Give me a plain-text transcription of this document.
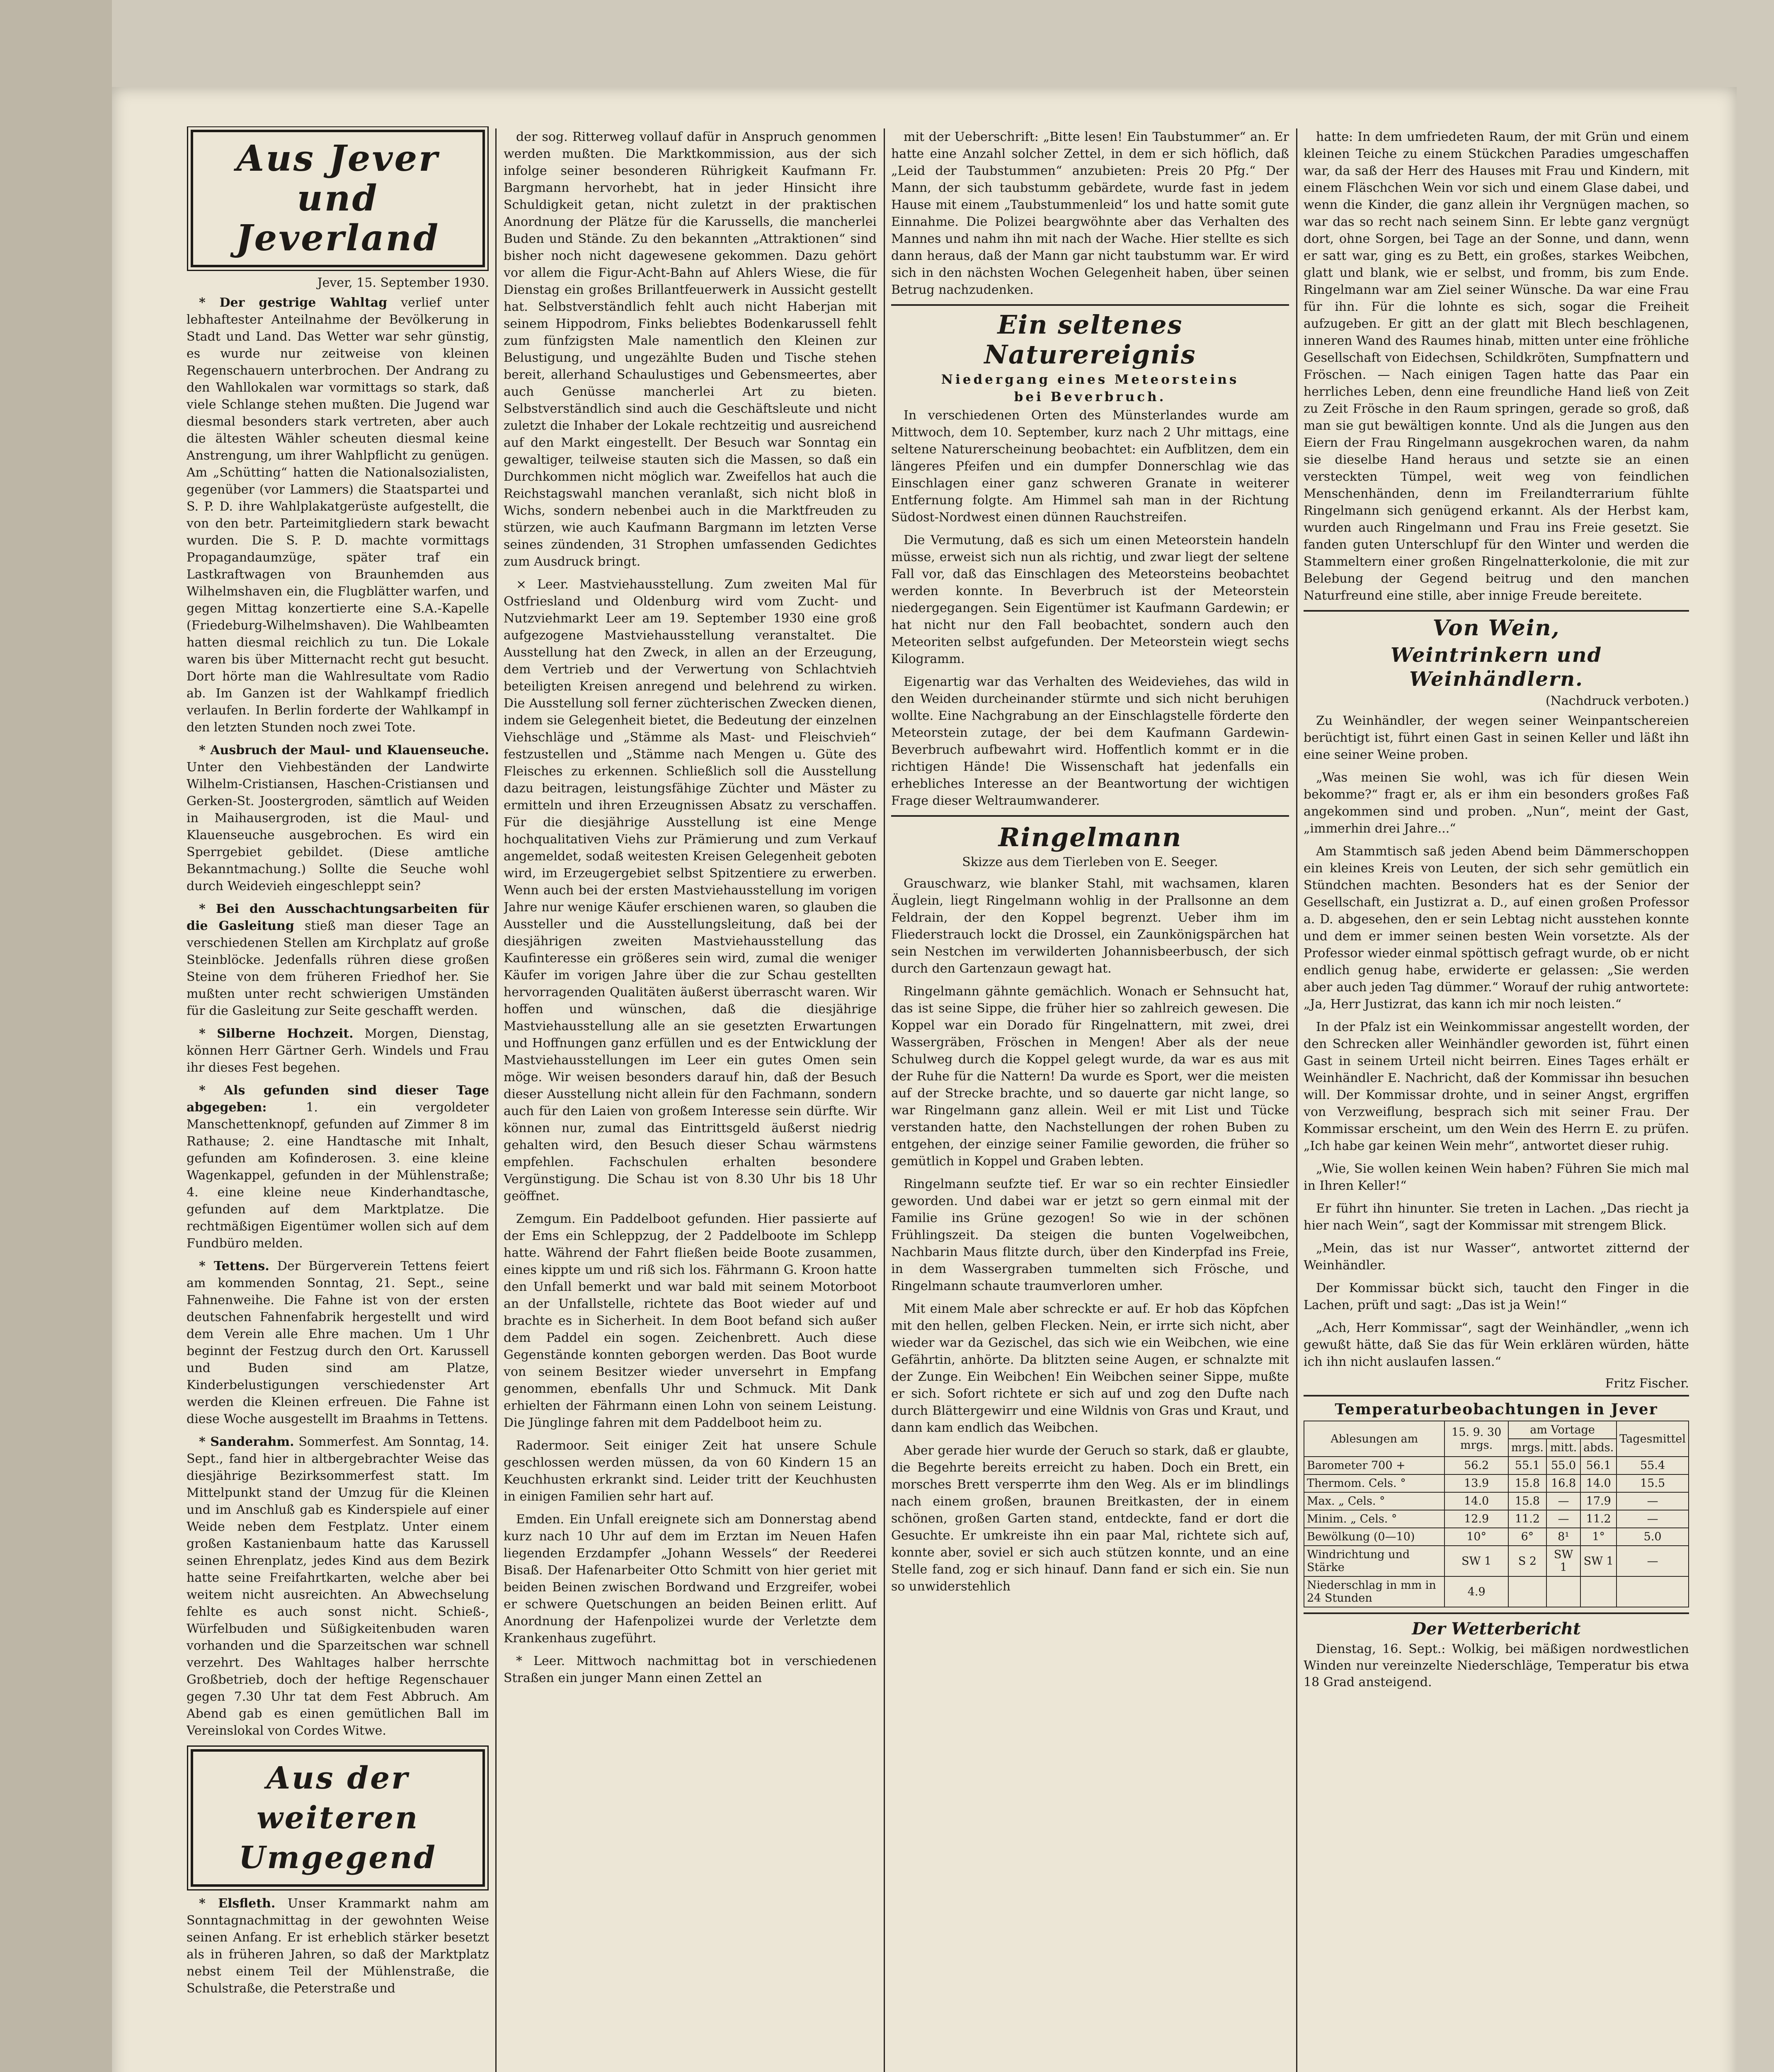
Aus Jever
und Jeverland
Jever, 15. September 1930.

* Der gestrige Wahltag verlief unter lebhaftester Anteilnahme der Bevölkerung in Stadt und Land. Das Wetter war sehr günstig, es wurde nur zeitweise von kleinen Regenschauern unterbrochen. Der Andrang zu den Wahllokalen war vormittags so stark, daß viele Schlange stehen mußten. Die Jugend war diesmal besonders stark vertreten, aber auch die ältesten Wähler scheuten diesmal keine Anstrengung, um ihrer Wahlpflicht zu genügen. Am „Schütting“ hatten die Nationalsozialisten, gegenüber (vor Lammers) die Staatspartei und S. P. D. ihre Wahlplakatgerüste aufgestellt, die von den betr. Parteimitgliedern stark bewacht wurden. Die S. P. D. machte vormittags Propagandaumzüge, später traf ein Lastkraftwagen von Braunhemden aus Wilhelmshaven ein, die Flugblätter warfen, und gegen Mittag konzertierte eine S.A.-Kapelle (Friedeburg-Wilhelmshaven). Die Wahlbeamten hatten diesmal reichlich zu tun. Die Lokale waren bis über Mitternacht recht gut besucht. Dort hörte man die Wahlresultate vom Radio ab. Im Ganzen ist der Wahlkampf friedlich verlaufen. In Berlin forderte der Wahlkampf in den letzten Stunden noch zwei Tote.

* Ausbruch der Maul- und Klauenseuche. Unter den Viehbeständen der Landwirte Wilhelm-Cristiansen, Haschen-Cristiansen und Gerken-St. Joostergroden, sämtlich auf Weiden in Maihausergroden, ist die Maul- und Klauenseuche ausgebrochen. Es wird ein Sperrgebiet gebildet. (Diese amtliche Bekanntmachung.) Sollte die Seuche wohl durch Weidevieh eingeschleppt sein?

* Bei den Ausschachtungsarbeiten für die Gasleitung stieß man dieser Tage an verschiedenen Stellen am Kirchplatz auf große Steinblöcke. Jedenfalls rühren diese großen Steine von dem früheren Friedhof her. Sie mußten unter recht schwierigen Umständen für die Gasleitung zur Seite geschafft werden.

* Silberne Hochzeit. Morgen, Dienstag, können Herr Gärtner Gerh. Windels und Frau ihr dieses Fest begehen.

* Als gefunden sind dieser Tage abgegeben:	1. ein vergoldeter Manschettenknopf, gefunden auf Zimmer 8 im Rathause; 2. eine Handtasche mit Inhalt, gefunden am Kofinderosen. 3. eine kleine Wagenkappel, gefunden in der Mühlenstraße; 4. eine kleine neue Kinderhandtasche, gefunden auf dem Marktplatze. Die rechtmäßigen Eigentümer wollen sich auf dem Fundbüro melden.

* Tettens. Der Bürgerverein Tettens feiert am kommenden Sonntag, 21. Sept., seine Fahnenweihe. Die Fahne ist von der ersten deutschen Fahnenfabrik hergestellt und wird dem Verein alle Ehre machen. Um 1 Uhr beginnt der Festzug durch den Ort. Karussell und Buden sind am Platze, Kinderbelustigungen verschiedenster Art werden die Kleinen erfreuen. Die Fahne ist diese Woche ausgestellt im Braahms in Tettens.

* Sanderahm. Sommerfest. Am Sonntag, 14. Sept., fand hier in altbergebrachter Weise das diesjährige Bezirksommerfest statt. Im Mittelpunkt stand der Umzug für die Kleinen und im Anschluß gab es Kinderspiele auf einer Weide neben dem Festplatz. Unter einem großen Kastanienbaum hatte das Karussell seinen Ehrenplatz, jedes Kind aus dem Bezirk hatte seine Freifahrtkarten, welche aber bei weitem nicht ausreichten. An Abwechselung fehlte es auch sonst nicht. Schieß-, Würfelbuden und Süßigkeitenbuden waren vorhanden und die Sparzeitschen war schnell verzehrt. Des Wahltages halber herrschte Großbetrieb, doch der heftige Regenschauer gegen 7.30 Uhr tat dem Fest Abbruch. Am Abend gab es einen gemütlichen Ball im Vereinslokal von Cordes Witwe.

Aus der weiteren
Umgegend

* Elsfleth. Unser Krammarkt nahm am Sonntagnachmittag in der gewohnten Weise seinen Anfang. Er ist erheblich stärker besetzt als in früheren Jahren, so daß der Marktplatz nebst einem Teil der Mühlenstraße, die Schulstraße, die Peterstraße und

der sog. Ritterweg vollauf dafür in Anspruch genommen werden mußten. Die Marktkommission, aus der sich infolge seiner besonderen Rührigkeit Kaufmann Fr. Bargmann hervorhebt, hat in jeder Hinsicht ihre Schuldigkeit getan, nicht zuletzt in der praktischen Anordnung der Plätze für die Karussells, die mancherlei Buden und Stände. Zu den bekannten „Attraktionen“ sind bisher noch nicht dagewesene gekommen. Dazu gehört vor allem die Figur-Acht-Bahn auf Ahlers Wiese, die für Dienstag ein großes Brillantfeuerwerk in Aussicht gestellt hat. Selbstverständlich fehlt auch nicht Haberjan mit seinem Hippodrom, Finks beliebtes Bodenkarussell fehlt zum fünfzigsten Male namentlich den Kleinen zur Belustigung, und ungezählte Buden und Tische stehen bereit, allerhand Schaulustiges und Gebensmeertes, aber auch Genüsse mancherlei Art zu bieten. Selbstverständlich sind auch die Geschäftsleute und nicht zuletzt die Inhaber der Lokale rechtzeitig und ausreichend auf den Markt eingestellt. Der Besuch war Sonntag ein gewaltiger, teilweise stauten sich die Massen, so daß ein Durchkommen nicht möglich war. Zweifellos hat auch die Reichstagswahl manchen veranlaßt, sich nicht bloß in Wichs, sondern nebenbei auch in die Marktfreuden zu stürzen, wie auch Kaufmann Bargmann im letzten Verse seines zündenden, 31 Strophen umfassenden Gedichtes zum Ausdruck bringt.

× Leer. Mastviehausstellung. Zum zweiten Mal für Ostfriesland und Oldenburg wird vom Zucht- und Nutzviehmarkt Leer am 19. September 1930 eine groß aufgezogene Mastviehausstellung veranstaltet. Die Ausstellung hat den Zweck, in allen an der Erzeugung, dem Vertrieb und der Verwertung von Schlachtvieh beteiligten Kreisen anregend und belehrend zu wirken. Die Ausstellung soll ferner züchterischen Zwecken dienen, indem sie Gelegenheit bietet, die Bedeutung der einzelnen Viehschläge und „Stämme als Mast- und Fleischvieh“ festzustellen und „Stämme nach Mengen u. Güte des Fleisches zu erkennen. Schließlich soll die Ausstellung dazu beitragen, leistungsfähige Züchter und Mäster zu ermitteln und ihren Erzeugnissen Absatz zu verschaffen. Für die diesjährige Ausstellung ist eine Menge hochqualitativen Viehs zur Prämierung und zum Verkauf angemeldet, sodaß weitesten Kreisen Gelegenheit geboten wird, im Erzeugergebiet selbst Spitzentiere zu erwerben. Wenn auch bei der ersten Mastviehausstellung im vorigen Jahre nur wenige Käufer erschienen waren, so glauben die Aussteller und die Ausstellungsleitung, daß bei der diesjährigen zweiten Mastviehausstellung das Kaufinteresse ein größeres sein wird, zumal die weniger Käufer im vorigen Jahre über die zur Schau gestellten hervorragenden Qualitäten äußerst überrascht waren. Wir hoffen und wünschen, daß die diesjährige Mastviehausstellung alle an sie gesetzten Erwartungen und Hoffnungen ganz erfüllen und es der Entwicklung der Mastviehausstellungen im Leer ein gutes Omen sein möge. Wir weisen besonders darauf hin, daß der Besuch dieser Ausstellung nicht allein für den Fachmann, sondern auch für den Laien von großem Interesse sein dürfte. Wir können nur, zumal das Eintrittsgeld äußerst niedrig gehalten wird, den Besuch dieser Schau wärmstens empfehlen. Fachschulen erhalten besondere Vergünstigung. Die Schau ist von 8.30 Uhr bis 18 Uhr geöffnet.

Zemgum. Ein Paddelboot gefunden. Hier passierte auf der Ems ein Schleppzug, der 2 Paddelboote im Schlepp hatte. Während der Fahrt fließen beide Boote zusammen, eines kippte um und riß sich los. Fährmann G. Kroon hatte den Unfall bemerkt und war bald mit seinem Motorboot an der Unfallstelle, richtete das Boot wieder auf und brachte es in Sicherheit. In dem Boot befand sich außer dem Paddel ein sogen. Zeichenbrett. Auch diese Gegenstände konnten geborgen werden. Das Boot wurde von seinem Besitzer wieder unversehrt in Empfang genommen, ebenfalls Uhr und Schmuck. Mit Dank erhielten der Fährmann einen Lohn von seinem Leistung. Die Jünglinge fahren mit dem Paddelboot heim zu.

Radermoor. Seit einiger Zeit hat unsere Schule geschlossen werden müssen, da von 60 Kindern 15 an Keuchhusten erkrankt sind. Leider tritt der Keuchhusten in einigen Familien sehr hart auf.

Emden. Ein Unfall ereignete sich am Donnerstag abend kurz nach 10 Uhr auf dem im Erztan im Neuen Hafen liegenden Erzdampfer „Johann Wessels“ der Reederei Bisaß. Der Hafenarbeiter Otto Schmitt von hier geriet mit beiden Beinen zwischen Bordwand und Erzgreifer, wobei er schwere Quetschungen an beiden Beinen erlitt. Auf Anordnung der Hafenpolizei wurde der Verletzte dem Krankenhaus zugeführt.

* Leer. Mittwoch nachmittag bot in verschiedenen Straßen ein junger Mann einen Zettel an

mit der Ueberschrift: „Bitte lesen! Ein Taubstummer“ an. Er hatte eine Anzahl solcher Zettel, in dem er sich höflich, daß „Leid der Taubstummen“ anzubieten: Preis 20 Pfg.“ Der Mann, der sich taubstumm gebärdete, wurde fast in jedem Hause mit einem „Taubstummenleid“ los und hatte somit gute Einnahme. Die Polizei beargwöhnte aber das Verhalten des Mannes und nahm ihn mit nach der Wache. Hier stellte es sich dann heraus, daß der Mann gar nicht taubstumm war. Er wird sich in den nächsten Wochen Gelegenheit haben, über seinen Betrug nachzudenken.

Ein seltenes Naturereignis
Niedergang eines Meteorsteins
bei Beverbruch.

In verschiedenen Orten des Münsterlandes wurde am Mittwoch, dem 10. September, kurz nach 2 Uhr mittags, eine seltene Naturerscheinung beobachtet: ein Aufblitzen, dem ein längeres Pfeifen und ein dumpfer Donnerschlag wie das Einschlagen einer ganz schweren Granate in weiterer Entfernung folgte. Am Himmel sah man in der Richtung Südost-Nordwest einen dünnen Rauchstreifen.

Die Vermutung, daß es sich um einen Meteorstein handeln müsse, erweist sich nun als richtig, und zwar liegt der seltene Fall vor, daß das Einschlagen des Meteorsteins beobachtet werden konnte. In Beverbruch ist der Meteorstein niedergegangen. Sein Eigentümer ist Kaufmann Gardewin; er hat nicht nur den Fall beobachtet, sondern auch den Meteoriten selbst aufgefunden. Der Meteorstein wiegt sechs Kilogramm.

Eigenartig war das Verhalten des Weideviehes, das wild in den Weiden durcheinander stürmte und sich nicht beruhigen wollte. Eine Nachgrabung an der Einschlagstelle förderte den Meteorstein zutage, der bei dem Kaufmann Gardewin-Beverbruch aufbewahrt wird. Hoffentlich kommt er in die richtigen Hände! Die Wissenschaft hat jedenfalls ein erhebliches Interesse an der Beantwortung der wichtigen Frage dieser Weltraumwanderer.

Ringelmann
Skizze aus dem Tierleben von E. Seeger.

Grauschwarz, wie blanker Stahl, mit wachsamen, klaren Äuglein, liegt Ringelmann wohlig in der Prallsonne an dem Feldrain, der den Koppel begrenzt. Ueber ihm im Fliederstrauch lockt die Drossel, ein Zaunkönigspärchen hat sein Nestchen im verwilderten Johannisbeerbusch, der sich durch den Gartenzaun gewagt hat.

Ringelmann gähnte gemächlich. Wonach er Sehnsucht hat, das ist seine Sippe, die früher hier so zahlreich gewesen. Die Koppel war ein Dorado für Ringelnattern, mit zwei, drei Wassergräben, Fröschen in Mengen! Aber als der neue Schulweg durch die Koppel gelegt wurde, da war es aus mit der Ruhe für die Nattern! Da wurde es Sport, wer die meisten auf der Strecke brachte, und so dauerte gar nicht lange, so war Ringelmann ganz allein. Weil er mit List und Tücke verstanden hatte, den Nachstellungen der rohen Buben zu entgehen, der einzige seiner Familie geworden, die früher so gemütlich in Koppel und Graben lebten.

Ringelmann seufzte tief. Er war so ein rechter Einsiedler geworden. Und dabei war er jetzt so gern einmal mit der Familie ins Grüne gezogen! So wie in der schönen Frühlingszeit. Da steigen die bunten Vogelweibchen, Nachbarin Maus flitzte durch, über den Kinderpfad ins Freie, in dem Wassergraben tummelten sich Frösche, und Ringelmann schaute traumverloren umher.

Mit einem Male aber schreckte er auf. Er hob das Köpfchen mit den hellen, gelben Flecken. Nein, er irrte sich nicht, aber wieder war da Gezischel, das sich wie ein Weibchen, wie eine Gefährtin, anhörte. Da blitzten seine Augen, er schnalzte mit der Zunge. Ein Weibchen! Ein Weibchen seiner Sippe, mußte er sich. Sofort richtete er sich auf und zog den Dufte nach durch Blättergewirr und eine Wildnis von Gras und Kraut, und dann kam endlich das Weibchen.

Aber gerade hier wurde der Geruch so stark, daß er glaubte, die Begehrte bereits erreicht zu haben. Doch ein Brett, ein morsches Brett versperrte ihm den Weg. Als er im blindlings nach einem großen, braunen Breitkasten, der in einem schönen, großen Garten stand, entdeckte, fand er dort die Gesuchte. Er umkreiste ihn ein paar Mal, richtete sich auf, konnte aber, soviel er sich auch stützen konnte, und an eine Stelle fand, zog er sich hinauf. Dann fand er sich ein. Sie nun so unwiderstehlich

hatte: In dem umfriedeten Raum, der mit Grün und einem kleinen Teiche zu einem Stückchen Paradies umgeschaffen war, da saß der Herr des Hauses mit Frau und Kindern, mit einem Fläschchen Wein vor sich und einem Glase dabei, und wenn die Kinder, die ganz allein ihr Vergnügen machen, so war das so recht nach seinem Sinn. Er lebte ganz vergnügt dort, ohne Sorgen, bei Tage an der Sonne, und dann, wenn er satt war, ging es zu Bett, ein großes, starkes Weibchen, glatt und blank, wie er selbst, und fromm, bis zum Ende. Ringelmann war am Ziel seiner Wünsche. Da war eine Frau für ihn. Für die lohnte es sich, sogar die Freiheit aufzugeben. Er gitt an der glatt mit Blech beschlagenen, inneren Wand des Raumes hinab, mitten unter eine fröhliche Gesellschaft von Eidechsen, Schildkröten, Sumpfnattern und Fröschen. — Nach einigen Tagen hatte das Paar ein herrliches Leben, denn eine freundliche Hand ließ von Zeit zu Zeit Frösche in den Raum springen, gerade so groß, daß man sie gut bewältigen konnte. Und als die Jungen aus den Eiern der Frau Ringelmann ausgekrochen waren, da nahm sie dieselbe Hand heraus und setzte sie an einen versteckten Tümpel, weit weg von feindlichen Menschenhänden, denn im Freilandterrarium fühlte Ringelmann sich genügend erkannt. Als der Herbst kam, wurden auch Ringelmann und Frau ins Freie gesetzt. Sie fanden guten Unterschlupf für den Winter und werden die Stammeltern einer großen Ringelnatterkolonie, die mit zur Belebung der Gegend beitrug und den manchen Naturfreund eine stille, aber innige Freude bereitete.

Von Wein,
Weintrinkern und Weinhändlern.
(Nachdruck verboten.)

Zu Weinhändler, der wegen seiner Weinpantschereien berüchtigt ist, führt einen Gast in seinen Keller und läßt ihn eine seiner Weine proben.

„Was meinen Sie wohl, was ich für diesen Wein bekomme?“ fragt er, als er ihm ein besonders großes Faß angekommen sind und proben. „Nun“, meint der Gast, „immerhin drei Jahre...“

Am Stammtisch saß jeden Abend beim Dämmerschoppen ein kleines Kreis von Leuten, der sich sehr gemütlich ein Stündchen machten. Besonders hat es der Senior der Gesellschaft, ein Justizrat a. D., auf einen großen Professor a. D. abgesehen, den er sein Lebtag nicht ausstehen konnte und dem er immer seinen besten Wein vorsetzte. Als der Professor wieder einmal spöttisch gefragt wurde, ob er nicht endlich genug habe, erwiderte er gelassen: „Sie werden aber auch jeden Tag dümmer.“ Worauf der ruhig antwortete: „Ja, Herr Justizrat, das kann ich mir noch leisten.“

In der Pfalz ist ein Weinkommissar angestellt worden, der den Schrecken aller Weinhändler geworden ist, führt einen Gast in seinem Urteil nicht beirren. Eines Tages erhält er Weinhändler E. Nachricht, daß der Kommissar ihn besuchen will. Der Kommissar drohte, und in seiner Angst, ergriffen von Verzweiflung, besprach sich mit seiner Frau. Der Kommissar erscheint, um den Wein des Herrn E. zu prüfen. „Ich habe gar keinen Wein mehr“, antwortet dieser ruhig.

„Wie, Sie wollen keinen Wein haben? Führen Sie mich mal in Ihren Keller!“

Er führt ihn hinunter. Sie treten in Lachen. „Das riecht ja hier nach Wein“, sagt der Kommissar mit strengem Blick.

„Mein, das ist nur Wasser“, antwortet zitternd der Weinhändler.

Der Kommissar bückt sich, taucht den Finger in die Lachen, prüft und sagt: „Das ist ja Wein!“

„Ach, Herr Kommissar“, sagt der Weinhändler, „wenn ich gewußt hätte, daß Sie das für Wein erklären würden, hätte ich ihn nicht auslaufen lassen.“

Fritz Fischer.
Temperaturbeobachtungen in Jever
Ablesungen am	15. 9. 30 mrgs.	am Vortage			Tagesmittel
		mrgs.	mitt.	abds.	
Barometer 700 +	56.2	55.1	55.0	56.1	55.4
Thermom. Cels. °	13.9	15.8	16.8	14.0	15.5
Max. „ Cels. °	14.0	15.8	—	17.9	—
Minim. „ Cels. °	12.9	11.2	—	11.2	—
Bewölkung (0—10)	10°	6°	8¹	1°	5.0
Windrichtung und Stärke	SW 1	S 2	SW 1	SW 1	—
Niederschlag in mm in 24 Stunden	4.9				
Der Wetterbericht

Dienstag, 16. Sept.: Wolkig, bei mäßigen nordwestlichen Winden nur vereinzelte Niederschläge, Temperatur bis etwa 18 Grad ansteigend.
